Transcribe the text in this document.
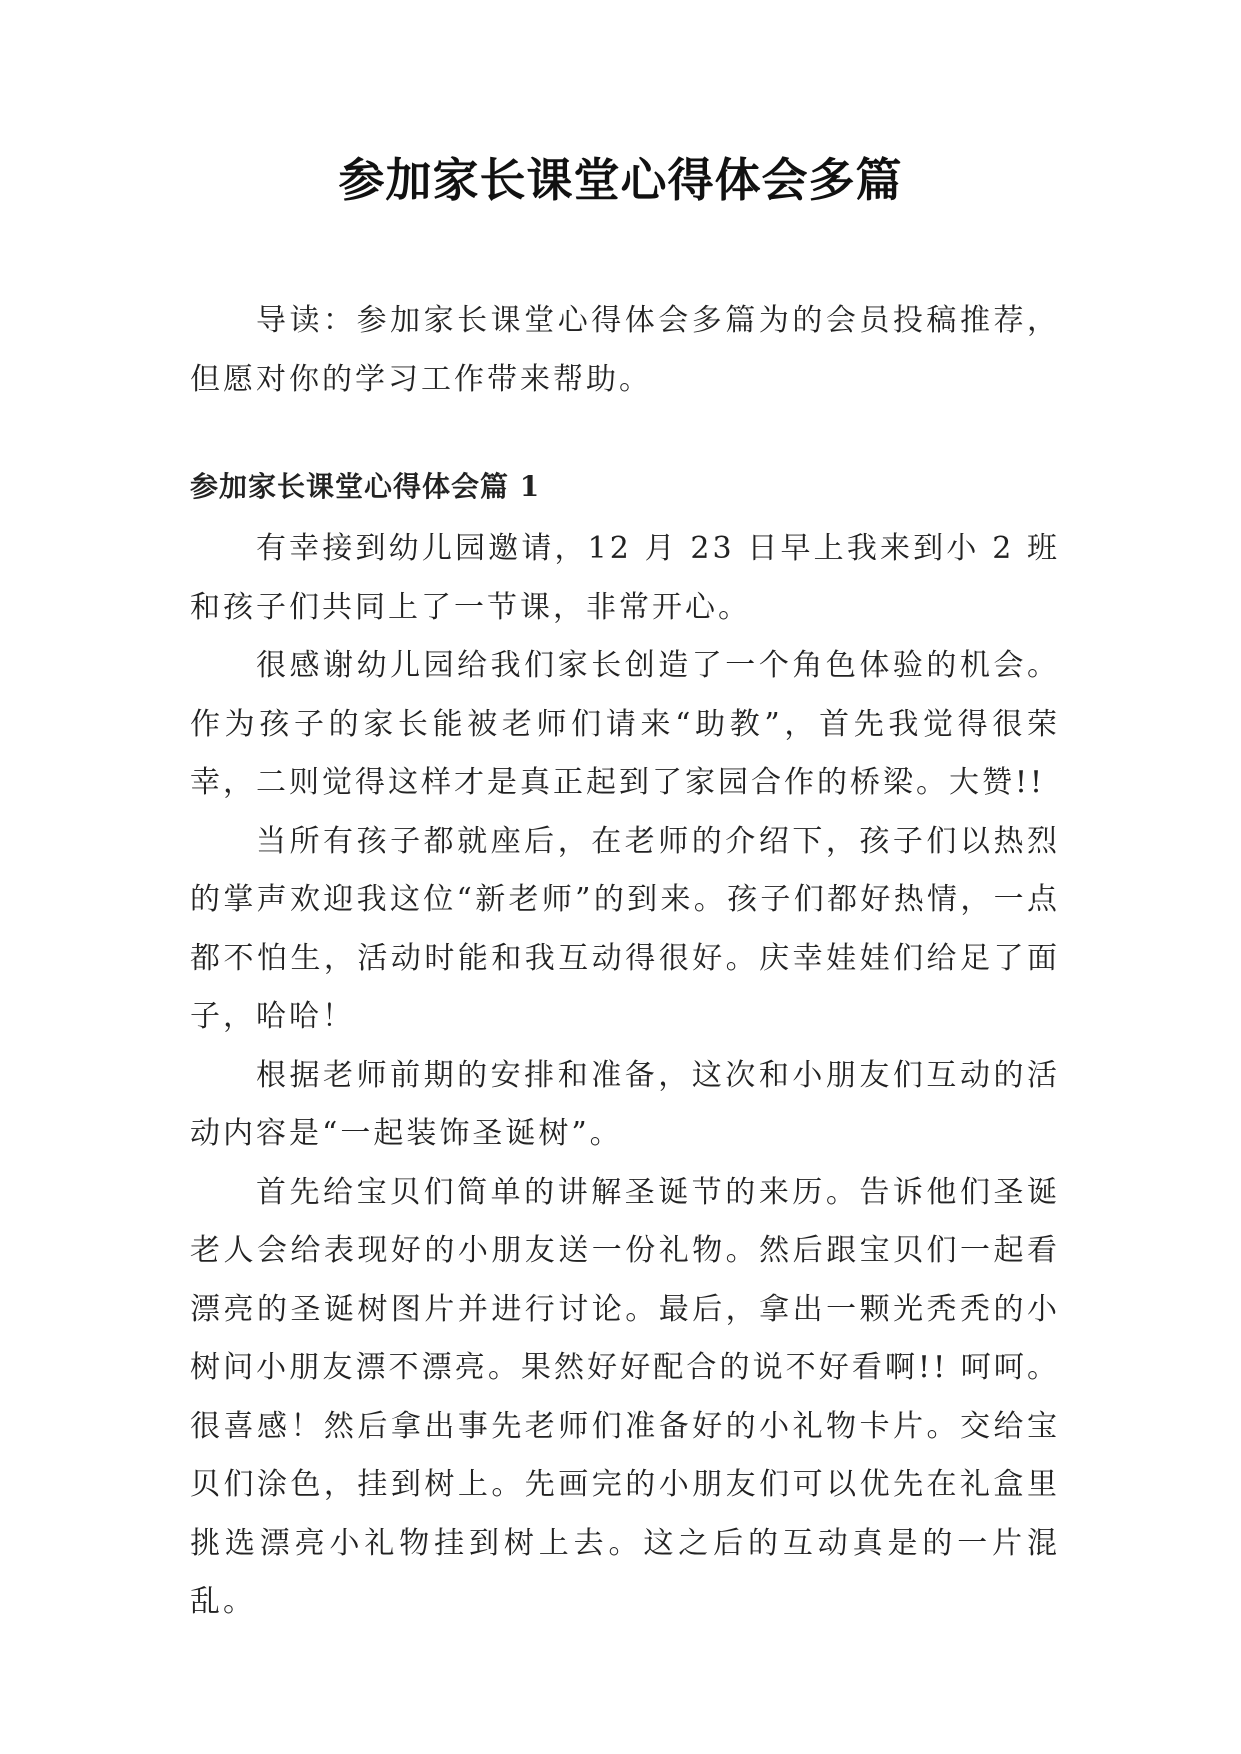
参加家长课堂心得体会多篇

导读：参加家长课堂心得体会多篇为的会员投稿推荐，但愿对你的学习工作带来帮助。

参加家长课堂心得体会篇 1

有幸接到幼儿园邀请，12 月 23 日早上我来到小 2 班和孩子们共同上了一节课，非常开心。

很感谢幼儿园给我们家长创造了一个角色体验的机会。作为孩子的家长能被老师们请来“助教”，首先我觉得很荣幸，二则觉得这样才是真正起到了家园合作的桥梁。大赞!!

当所有孩子都就座后，在老师的介绍下，孩子们以热烈的掌声欢迎我这位“新老师”的到来。孩子们都好热情，一点都不怕生，活动时能和我互动得很好。庆幸娃娃们给足了面子，哈哈！

根据老师前期的安排和准备，这次和小朋友们互动的活动内容是“一起装饰圣诞树”。

首先给宝贝们简单的讲解圣诞节的来历。告诉他们圣诞老人会给表现好的小朋友送一份礼物。然后跟宝贝们一起看漂亮的圣诞树图片并进行讨论。最后，拿出一颗光秃秃的小树问小朋友漂不漂亮。果然好好配合的说不好看啊!! 呵呵。很喜感！然后拿出事先老师们准备好的小礼物卡片。交给宝贝们涂色，挂到树上。先画完的小朋友们可以优先在礼盒里挑选漂亮小礼物挂到树上去。这之后的互动真是的一片混乱。
